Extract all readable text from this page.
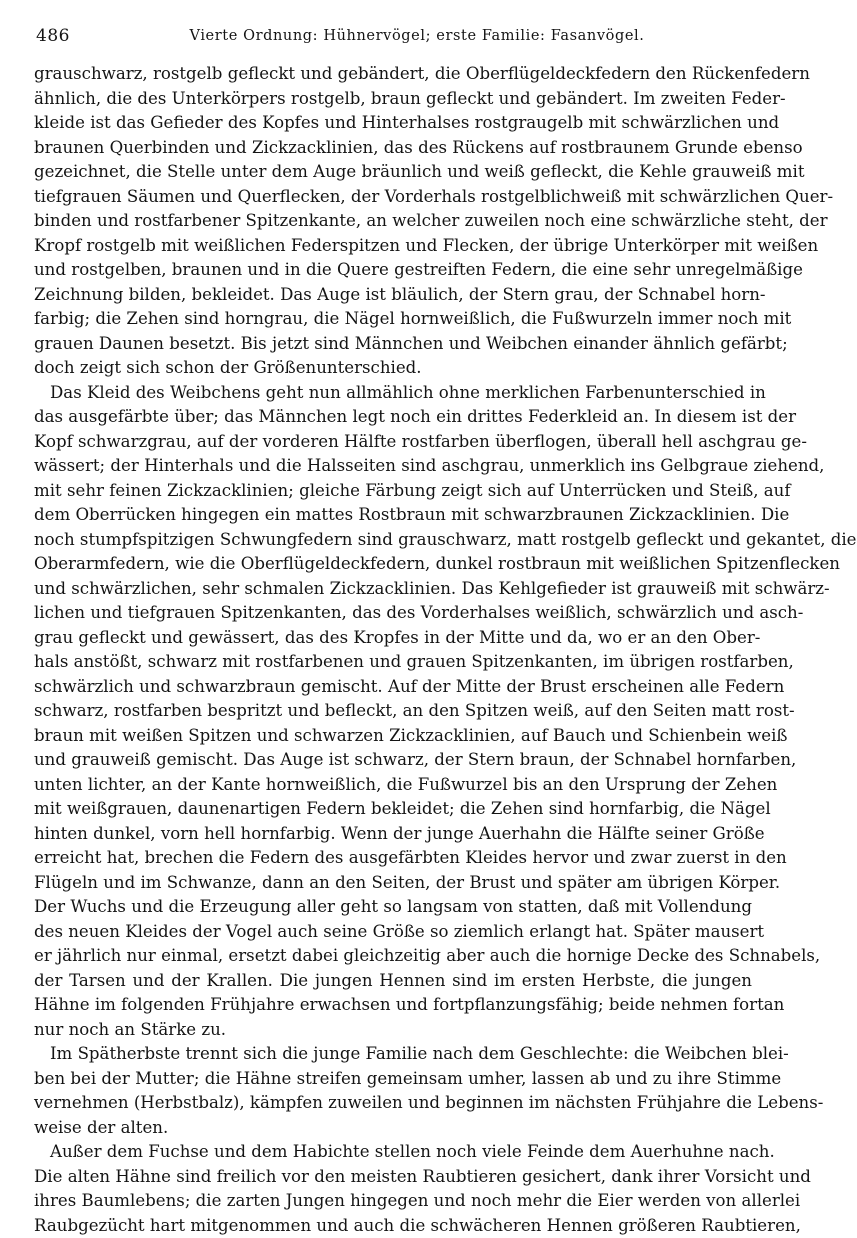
486	Vierte Ordnung: Hühnervögel; erste Familie: Fasanvögel.
grauschwarz, rostgelb gefleckt und gebändert, die Oberflügeldeckfedern den Rückenfedern
ähnlich, die des Unterkörpers rostgelb, braun gefleckt und gebändert. Im zweiten Feder-
kleide ist das Gefieder des Kopfes und Hinterhalses rostgraugelb mit schwärzlichen und
braunen Querbinden und Zickzacklinien, das des Rückens auf rostbraunem Grunde ebenso
gezeichnet, die Stelle unter dem Auge bräunlich und weiß gefleckt, die Kehle grauweiß mit
tiefgrauen Säumen und Querflecken, der Vorderhals rostgelblichweiß mit schwärzlichen Quer-
binden und rostfarbener Spitzenkante, an welcher zuweilen noch eine schwärzliche steht, der
Kropf rostgelb mit weißlichen Federspitzen und Flecken, der übrige Unterkörper mit weißen
und rostgelben, braunen und in die Quere gestreiften Federn, die eine sehr unregelmäßige
Zeichnung bilden, bekleidet. Das Auge ist bläulich, der Stern grau, der Schnabel horn-
farbig; die Zehen sind horngrau, die Nägel hornweißlich, die Fußwurzeln immer noch mit
grauen Daunen besetzt. Bis jetzt sind Männchen und Weibchen einander ähnlich gefärbt;
doch zeigt sich schon der Größenunterschied.
Das Kleid des Weibchens geht nun allmählich ohne merklichen Farbenunterschied in
das ausgefärbte über; das Männchen legt noch ein drittes Federkleid an. In diesem ist der
Kopf schwarzgrau, auf der vorderen Hälfte rostfarben überflogen, überall hell aschgrau ge-
wässert; der Hinterhals und die Halsseiten sind aschgrau, unmerklich ins Gelbgraue ziehend,
mit sehr feinen Zickzacklinien; gleiche Färbung zeigt sich auf Unterrücken und Steiß, auf
dem Oberrücken hingegen ein mattes Rostbraun mit schwarzbraunen Zickzacklinien. Die
noch stumpfspitzigen Schwungfedern sind grauschwarz, matt rostgelb gefleckt und gekantet, die
Oberarmfedern, wie die Oberflügeldeckfedern, dunkel rostbraun mit weißlichen Spitzenflecken
und schwärzlichen, sehr schmalen Zickzacklinien. Das Kehlgefieder ist grauweiß mit schwärz-
lichen und tiefgrauen Spitzenkanten, das des Vorderhalses weißlich, schwärzlich und asch-
grau gefleckt und gewässert, das des Kropfes in der Mitte und da, wo er an den Ober-
hals anstößt, schwarz mit rostfarbenen und grauen Spitzenkanten, im übrigen rostfarben,
schwärzlich und schwarzbraun gemischt. Auf der Mitte der Brust erscheinen alle Federn
schwarz, rostfarben bespritzt und befleckt, an den Spitzen weiß, auf den Seiten matt rost-
braun mit weißen Spitzen und schwarzen Zickzacklinien, auf Bauch und Schienbein weiß
und grauweiß gemischt. Das Auge ist schwarz, der Stern braun, der Schnabel hornfarben,
unten lichter, an der Kante hornweißlich, die Fußwurzel bis an den Ursprung der Zehen
mit weißgrauen, daunenartigen Federn bekleidet; die Zehen sind hornfarbig, die Nägel
hinten dunkel, vorn hell hornfarbig. Wenn der junge Auerhahn die Hälfte seiner Größe
erreicht hat, brechen die Federn des ausgefärbten Kleides hervor und zwar zuerst in den
Flügeln und im Schwanze, dann an den Seiten, der Brust und später am übrigen Körper.
Der Wuchs und die Erzeugung aller geht so langsam von statten, daß mit Vollendung
des neuen Kleides der Vogel auch seine Größe so ziemlich erlangt hat. Später mausert
er jährlich nur einmal, ersetzt dabei gleichzeitig aber auch die hornige Decke des Schnabels,
der Tarsen und der Krallen. Die jungen Hennen sind im ersten Herbste, die jungen
Hähne im folgenden Frühjahre erwachsen und fortpflanzungsfähig; beide nehmen fortan
nur noch an Stärke zu.
Im Spätherbste trennt sich die junge Familie nach dem Geschlechte: die Weibchen blei-
ben bei der Mutter; die Hähne streifen gemeinsam umher, lassen ab und zu ihre Stimme
vernehmen (Herbstbalz), kämpfen zuweilen und beginnen im nächsten Frühjahre die Lebens-
weise der alten.
Außer dem Fuchse und dem Habichte stellen noch viele Feinde dem Auerhuhne nach.
Die alten Hähne sind freilich vor den meisten Raubtieren gesichert, dank ihrer Vorsicht und
ihres Baumlebens; die zarten Jungen hingegen und noch mehr die Eier werden von allerlei
Raubgezücht hart mitgenommen und auch die schwächeren Hennen größeren Raubtieren,
